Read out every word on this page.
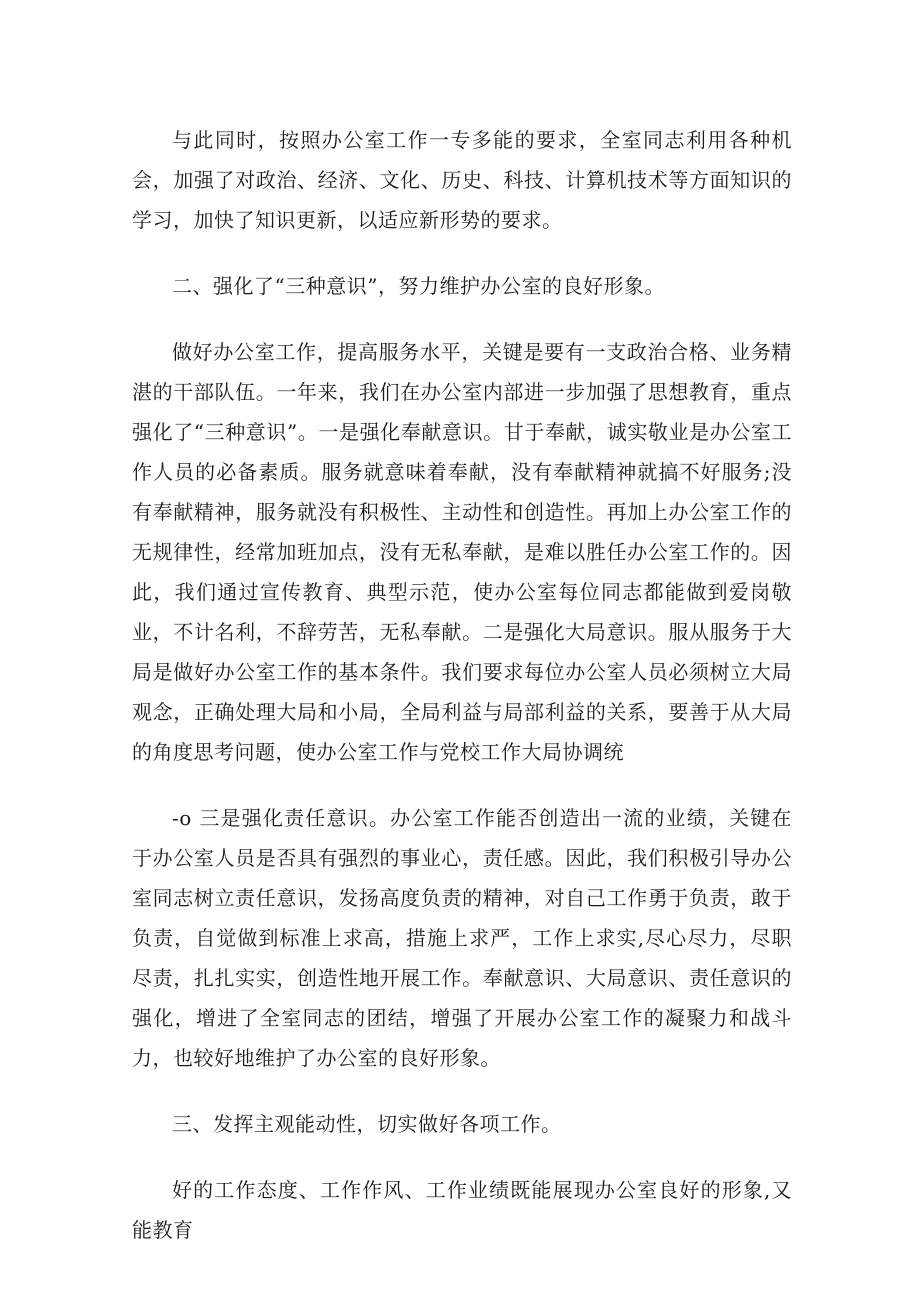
与此同时，按照办公室工作一专多能的要求，全室同志利用各种机会，加强了对政治、经济、文化、历史、科技、计算机技术等方面知识的学习，加快了知识更新，以适应新形势的要求。

二、强化了“三种意识”，努力维护办公室的良好形象。

做好办公室工作，提高服务水平，关键是要有一支政治合格、业务精湛的干部队伍。一年来，我们在办公室内部进一步加强了思想教育，重点强化了“三种意识”。一是强化奉献意识。甘于奉献，诚实敬业是办公室工作人员的必备素质。服务就意味着奉献，没有奉献精神就搞不好服务;没有奉献精神，服务就没有积极性、主动性和创造性。再加上办公室工作的无规律性，经常加班加点，没有无私奉献，是难以胜任办公室工作的。因此，我们通过宣传教育、典型示范，使办公室每位同志都能做到爱岗敬业，不计名利，不辞劳苦，无私奉献。二是强化大局意识。服从服务于大局是做好办公室工作的基本条件。我们要求每位办公室人员必须树立大局观念，正确处理大局和小局，全局利益与局部利益的关系，要善于从大局的角度思考问题，使办公室工作与党校工作大局协调统

-o 三是强化责任意识。办公室工作能否创造出一流的业绩，关键在于办公室人员是否具有强烈的事业心，责任感。因此，我们积极引导办公室同志树立责任意识，发扬高度负责的精神，对自己工作勇于负责，敢于负责，自觉做到标准上求高，措施上求严，工作上求实,尽心尽力，尽职尽责，扎扎实实，创造性地开展工作。奉献意识、大局意识、责任意识的强化，增进了全室同志的团结，增强了开展办公室工作的凝聚力和战斗力，也较好地维护了办公室的良好形象。

三、发挥主观能动性，切实做好各项工作。

好的工作态度、工作作风、工作业绩既能展现办公室良好的形象,又能教育
